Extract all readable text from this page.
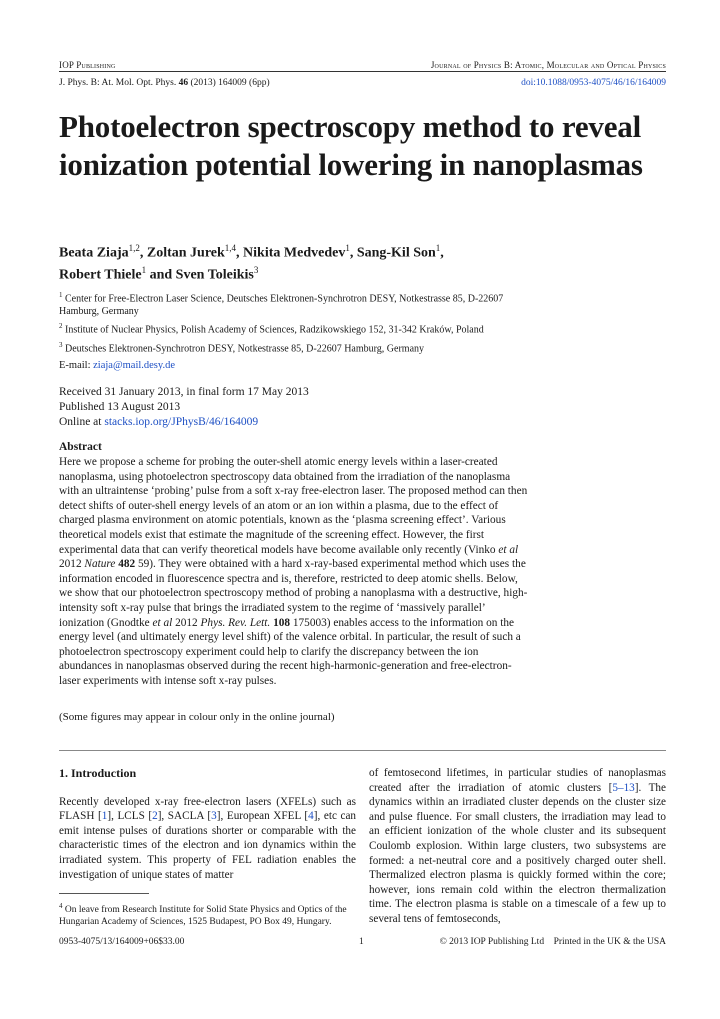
IOP Publishing	Journal of Physics B: Atomic, Molecular and Optical Physics
J. Phys. B: At. Mol. Opt. Phys. 46 (2013) 164009 (6pp)	doi:10.1088/0953-4075/46/16/164009
Photoelectron spectroscopy method to reveal ionization potential lowering in nanoplasmas
Beata Ziaja$^{1,2}$, Zoltan Jurek$^{1,4}$, Nikita Medvedev$^1$, Sang-Kil Son$^1$,
Robert Thiele$^1$ and Sven Toleikis$^3$
$^1$ Center for Free-Electron Laser Science, Deutsches Elektronen-Synchrotron DESY, Notkestrasse 85, D-22607 Hamburg, Germany
$^2$ Institute of Nuclear Physics, Polish Academy of Sciences, Radzikowskiego 152, 31-342 Kraków, Poland
$^3$ Deutsches Elektronen-Synchrotron DESY, Notkestrasse 85, D-22607 Hamburg, Germany
E-mail: ziaja@mail.desy.de
Received 31 January 2013, in final form 17 May 2013
Published 13 August 2013
Online at stacks.iop.org/JPhysB/46/164009
Abstract
Here we propose a scheme for probing the outer-shell atomic energy levels within a laser-created nanoplasma, using photoelectron spectroscopy data obtained from the irradiation of the nanoplasma with an ultraintense ‘probing’ pulse from a soft x-ray free-electron laser. The proposed method can then detect shifts of outer-shell energy levels of an atom or an ion within a plasma, due to the effect of charged plasma environment on atomic potentials, known as the ‘plasma screening effect’. Various theoretical models exist that estimate the magnitude of the screening effect. However, the first experimental data that can verify theoretical models have become available only recently (Vinko et al 2012 Nature 482 59). They were obtained with a hard x-ray-based experimental method which uses the information encoded in fluorescence spectra and is, therefore, restricted to deep atomic shells. Below, we show that our photoelectron spectroscopy method of probing a nanoplasma with a destructive, high-intensity soft x-ray pulse that brings the irradiated system to the regime of ‘massively parallel’ ionization (Gnodtke et al 2012 Phys. Rev. Lett. 108 175003) enables access to the information on the energy level (and ultimately energy level shift) of the valence orbital. In particular, the result of such a photoelectron spectroscopy experiment could help to clarify the discrepancy between the ion abundances in nanoplasmas observed during the recent high-harmonic-generation and free-electron-laser experiments with intense soft x-ray pulses.
(Some figures may appear in colour only in the online journal)
1. Introduction

Recently developed x-ray free-electron lasers (XFELs) such as FLASH [1], LCLS [2], SACLA [3], European XFEL [4], etc can emit intense pulses of durations shorter or comparable with the characteristic times of the electron and ion dynamics within the irradiated system. This property of FEL radiation enables the investigation of unique states of matter

$^4$ On leave from Research Institute for Solid State Physics and Optics of the Hungarian Academy of Sciences, 1525 Budapest, PO Box 49, Hungary.

of femtosecond lifetimes, in particular studies of nanoplasmas created after the irradiation of atomic clusters [5–13]. The dynamics within an irradiated cluster depends on the cluster size and pulse fluence. For small clusters, the irradiation may lead to an efficient ionization of the whole cluster and its subsequent Coulomb explosion. Within large clusters, two subsystems are formed: a net-neutral core and a positively charged outer shell. Thermalized electron plasma is quickly formed within the core; however, ions remain cold within the electron thermalization time. The electron plasma is stable on a timescale of a few up to several tens of femtoseconds,

0953-4075/13/164009+06$33.00	1	© 2013 IOP Publishing Ltd    Printed in the UK & the USA
